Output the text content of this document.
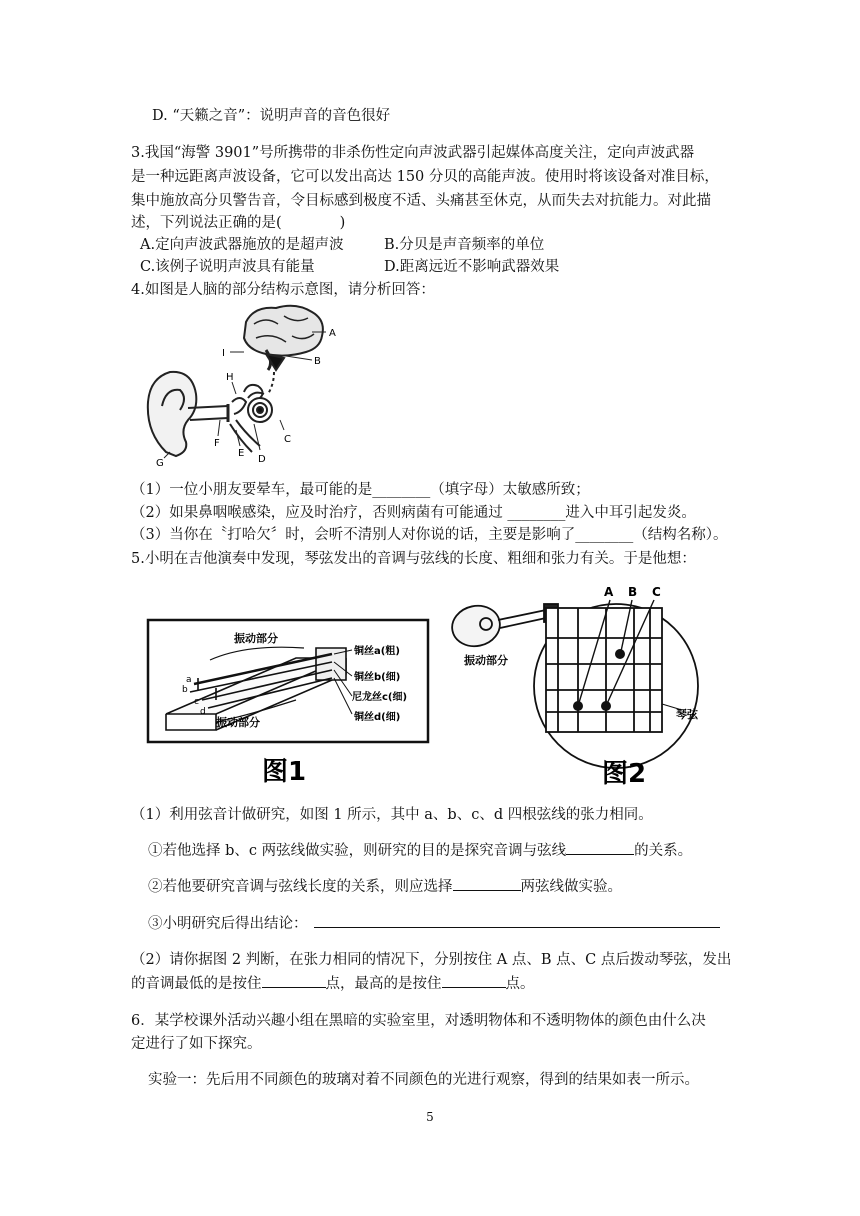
D. “天籁之音”：说明声音的音色很好
3.我国“海警 3901”号所携带的非杀伤性定向声波武器引起媒体高度关注，定向声波武器
是一种远距离声波设备，它可以发出高达 150 分贝的高能声波。使用时将该设备对准目标，
集中施放高分贝警告音，令目标感到极度不适、头痛甚至休克，从而失去对抗能力。对此描
述，下列说法正确的是(　　　　)
A.定向声波武器施放的是超声波	B.分贝是声音频率的单位
C.该例子说明声波具有能量	D.距离远近不影响武器效果
4.如图是人脑的部分结构示意图，请分析回答：
A
B
C
D
E
F
G
H
I
（1）一位小朋友要晕车，最可能的是________（填字母）太敏感所致；
（2）如果鼻咽喉感染，应及时治疗，否则病菌有可能通过 ________进入中耳引起发炎。
（3）当你在〝打哈欠〞时，会听不清别人对你说的话，主要是影响了________（结构名称）。
5.小明在吉他演奏中发现，琴弦发出的音调与弦线的长度、粗细和张力有关。于是他想：
振动部分
振动部分
铜丝a(粗)
铜丝b(细)
尼龙丝c(细)
铜丝d(细)
a
b
c
d
图1
A B C
振动部分
琴弦
图2
（1）利用弦音计做研究，如图 1 所示，其中 a、b、c、d 四根弦线的张力相同。
①若他选择 b、c 两弦线做实验，则研究的目的是探究音调与弦线	的关系。
②若他要研究音调与弦线长度的关系，则应选择	两弦线做实验。
③小明研究后得出结论：
（2）请你据图 2 判断，在张力相同的情况下，分别按住 A 点、B 点、C 点后拨动琴弦，发出
的音调最低的是按住	点，最高的是按住	点。
6．某学校课外活动兴趣小组在黑暗的实验室里，对透明物体和不透明物体的颜色由什么决
定进行了如下探究。
实验一：先后用不同颜色的玻璃对着不同颜色的光进行观察，得到的结果如表一所示。
5
